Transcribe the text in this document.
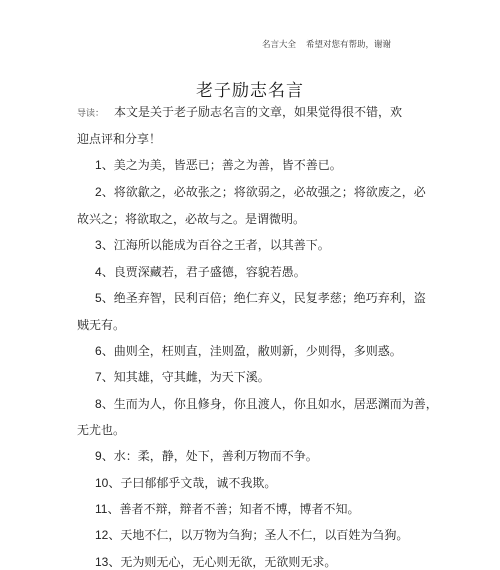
名言大全 希望对您有帮助，谢谢
老子励志名言
导读： 本文是关于老子励志名言的文章，如果觉得很不错，欢
迎点评和分享！
1、美之为美，皆恶已；善之为善，皆不善已。
2、将欲歙之，必故张之；将欲弱之，必故强之；将欲废之，必
故兴之；将欲取之，必故与之。是谓微明。
3、江海所以能成为百谷之王者，以其善下。
4、良贾深藏若，君子盛德，容貌若愚。
5、绝圣弃智，民利百倍；绝仁弃义，民复孝慈；绝巧弃利，盗
贼无有。
6、曲则全，枉则直，洼则盈，敝则新，少则得，多则惑。
7、知其雄，守其雌，为天下溪。
8、生而为人，你且修身，你且渡人，你且如水，居恶渊而为善，
无尤也。
9、水：柔，静，处下，善利万物而不争。
10、子曰郁郁乎文哉，诚不我欺。
11、善者不辩，辩者不善；知者不博，博者不知。
12、天地不仁，以万物为刍狗；圣人不仁，以百姓为刍狗。
13、无为则无心，无心则无欲，无欲则无求。
